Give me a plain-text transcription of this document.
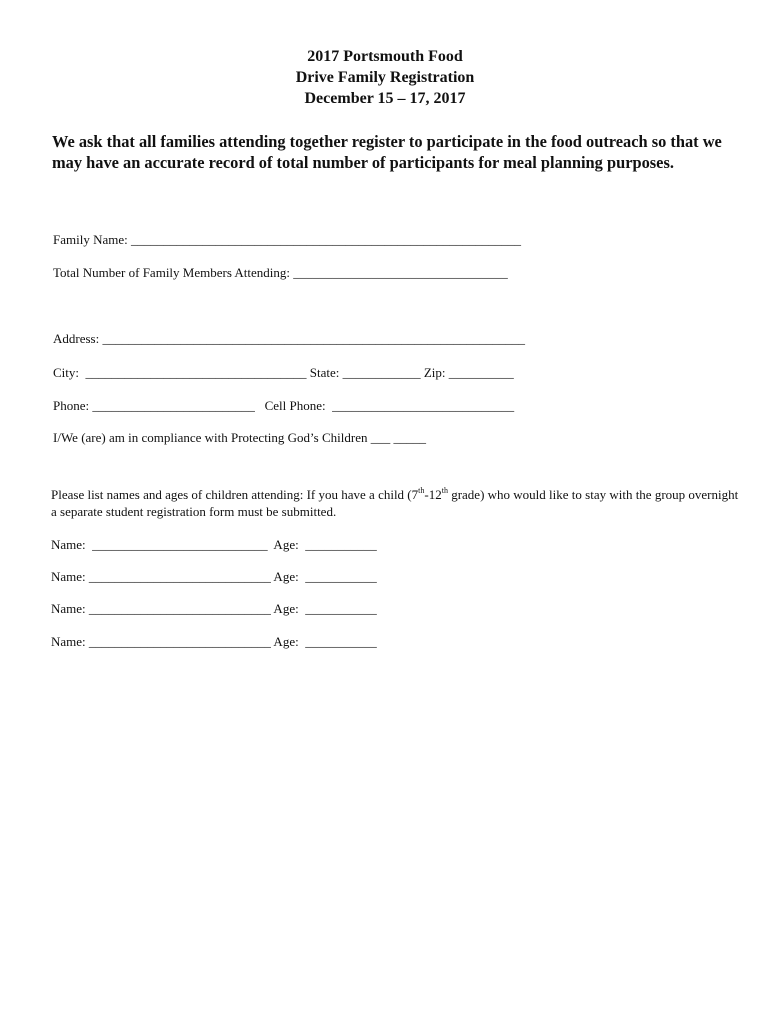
2017 Portsmouth Food
Drive Family Registration
December 15 – 17, 2017
We ask that all families attending together register to participate in the food outreach so that we may have an accurate record of total number of participants for meal planning purposes.
Family Name: ____________________________________________________________
Total Number of Family Members Attending: _________________________________
Address: _________________________________________________________________
City:  __________________________________ State: ____________ Zip: __________
Phone: _________________________   Cell Phone:  ____________________________
I/We (are) am in compliance with Protecting God’s Children ___ _____
Please list names and ages of children attending: If you have a child (7th-12th grade) who would like to stay with the group overnight a separate student registration form must be submitted.
Name:  ___________________________  Age:  ___________
Name: ____________________________ Age:  ___________
Name: ____________________________ Age:  ___________
Name: ____________________________ Age:  ___________
